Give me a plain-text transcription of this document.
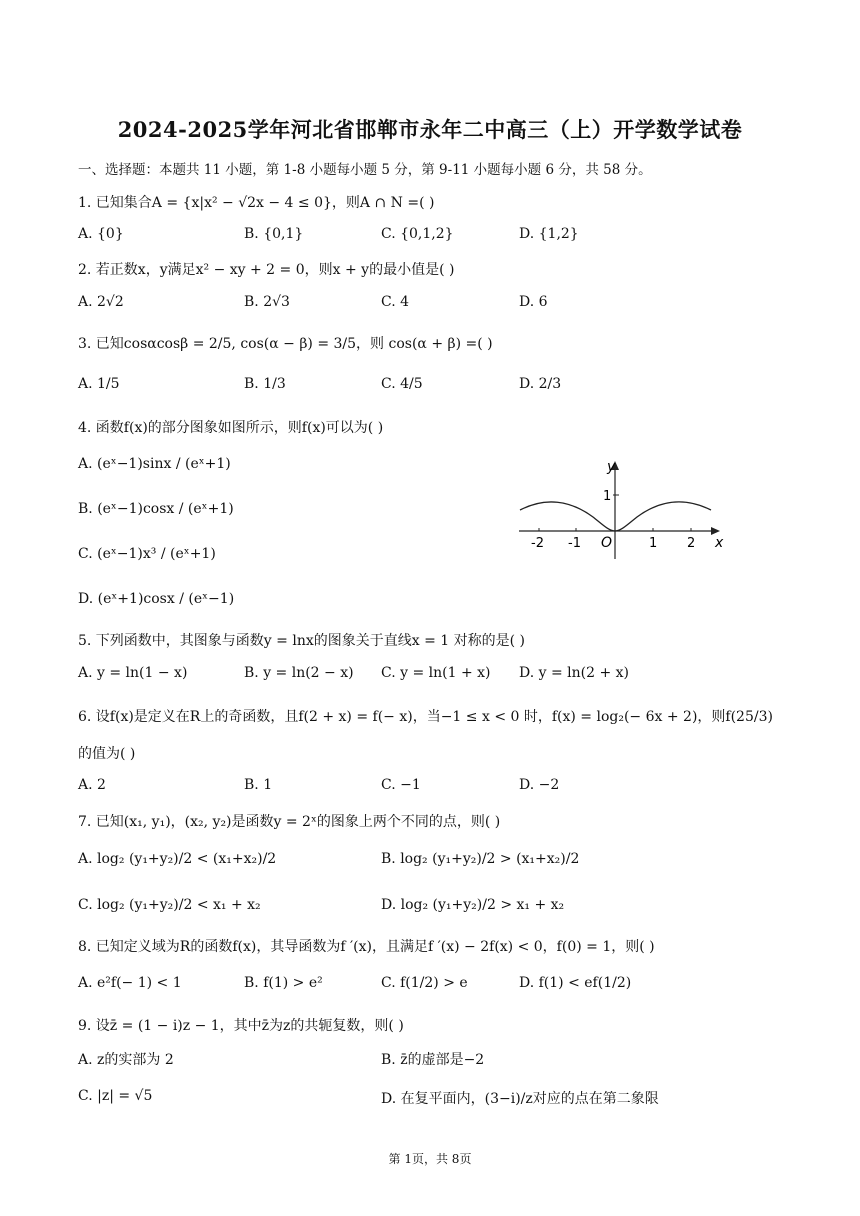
2024-2025学年河北省邯郸市永年二中高三（上）开学数学试卷
一、选择题：本题共 11 小题，第 1-8 小题每小题 5 分，第 9-11 小题每小题 6 分，共 58 分。
1. 已知集合A = {x|x² − √2x − 4 ≤ 0}，则A ∩ N =( )
A. {0}	B. {0,1}	C. {0,1,2}	D. {1,2}
2. 若正数x，y满足x² − xy + 2 = 0，则x + y的最小值是( )
A. 2√2	B. 2√3	C. 4	D. 6
3. 已知cosαcosβ = 2/5, cos(α − β) = 3/5，则 cos(α + β) =( )
A. 1/5	B. 1/3	C. 4/5	D. 2/3
4. 函数f(x)的部分图象如图所示，则f(x)可以为( )
A. (eˣ−1)sinx / (eˣ+1)
B. (eˣ−1)cosx / (eˣ+1)
C. (eˣ−1)x³ / (eˣ+1)
D. (eˣ+1)cosx / (eˣ−1)
y
x
O
1
-2 -1	1 2
5. 下列函数中，其图象与函数y = lnx的图象关于直线x = 1 对称的是( )
A. y = ln(1 − x)	B. y = ln(2 − x) C. y = ln(1 + x) D. y = ln(2 + x)
6. 设f(x)是定义在R上的奇函数，且f(2 + x) = f(− x)，当−1 ≤ x < 0 时，f(x) = log₂(− 6x + 2)，则f(25/3)
的值为( )
A. 2	B. 1	C. −1	D. −2
7. 已知(x₁, y₁)，(x₂, y₂)是函数y = 2ˣ的图象上两个不同的点，则( )
A. log₂ (y₁+y₂)/2 < (x₁+x₂)/2	B. log₂ (y₁+y₂)/2 > (x₁+x₂)/2
C. log₂ (y₁+y₂)/2 < x₁ + x₂	D. log₂ (y₁+y₂)/2 > x₁ + x₂
8. 已知定义域为R的函数f(x)，其导函数为f ′(x)，且满足f ′(x) − 2f(x) < 0，f(0) = 1，则( )
A. e²f(− 1) < 1	B. f(1) > e²	C. f(1/2) > e	D. f(1) < ef(1/2)
9. 设z̄ = (1 − i)z − 1，其中z̄为z的共轭复数，则( )
A. z的实部为 2	B. z̄的虚部是−2
C. |z| = √5	D. 在复平面内，(3−i)/z对应的点在第二象限
第 1页，共 8页
